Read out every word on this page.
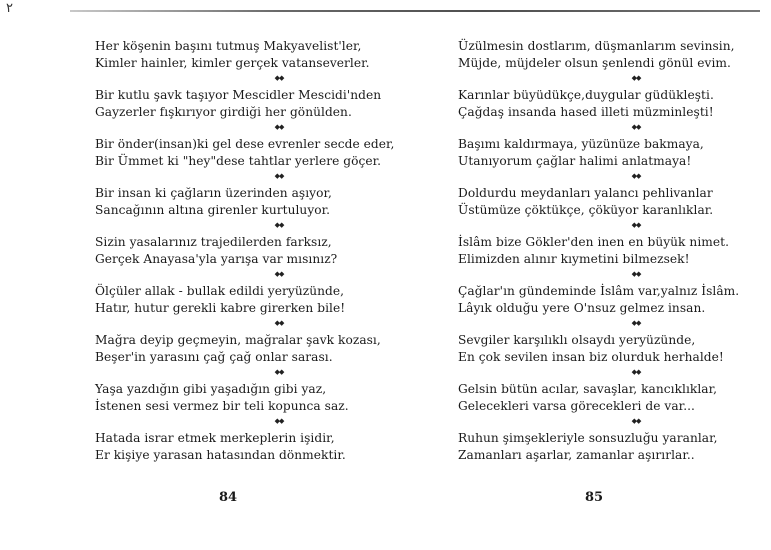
٢
Her köşenin başını tutmuş Makyavelist'ler,
Kimler hainler, kimler gerçek vatanseverler.
◆◆
Bir kutlu şavk taşıyor Mescidler Mescidi'nden
Gayzerler fışkırıyor girdiği her gönülden.
◆◆
Bir önder(insan)ki gel dese evrenler secde eder,
Bir Ümmet ki "hey"dese tahtlar yerlere göçer.
◆◆
Bir insan ki çağların üzerinden aşıyor,
Sancağının altına girenler kurtuluyor.
◆◆
Sizin yasalarınız trajedilerden farksız,
Gerçek Anayasa'yla yarışa var mısınız?
◆◆
Ölçüler allak - bullak edildi yeryüzünde,
Hatır, hutur gerekli kabre girerken bile!
◆◆
Mağra deyip geçmeyin, mağralar şavk kozası,
Beşer'in yarasını çağ çağ onlar sarası.
◆◆
Yaşa yazdığın gibi yaşadığın gibi yaz,
İstenen sesi vermez bir teli kopunca saz.
◆◆
Hatada israr etmek merkeplerin işidir,
Er kişiye yarasan hatasından dönmektir.
Üzülmesin dostlarım, düşmanlarım sevinsin,
Müjde, müjdeler olsun şenlendi gönül evim.
◆◆
Karınlar büyüdükçe,duygular güdükleşti.
Çağdaş insanda hased illeti müzminleşti!
◆◆
Başımı kaldırmaya, yüzünüze bakmaya,
Utanıyorum çağlar halimi anlatmaya!
◆◆
Doldurdu meydanları yalancı pehlivanlar
Üstümüze çöktükçe, çöküyor karanlıklar.
◆◆
İslâm bize Gökler'den inen en büyük nimet.
Elimizden alınır kıymetini bilmezsek!
◆◆
Çağlar'ın gündeminde İslâm var,yalnız İslâm.
Lâyık olduğu yere O'nsuz gelmez insan.
◆◆
Sevgiler karşılıklı olsaydı yeryüzünde,
En çok sevilen insan biz olurduk herhalde!
◆◆
Gelsin bütün acılar, savaşlar, kancıklıklar,
Gelecekleri varsa görecekleri de var...
◆◆
Ruhun şimşekleriyle sonsuzluğu yaranlar,
Zamanları aşarlar, zamanlar aşırırlar..
84	85
